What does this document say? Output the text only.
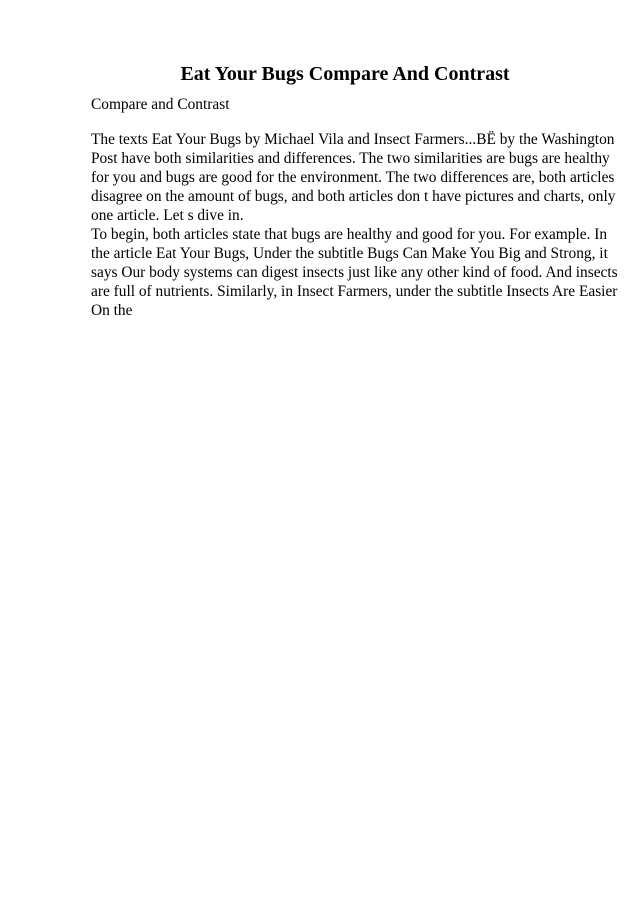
Eat Your Bugs Compare And Contrast

Compare and Contrast

The texts Eat Your Bugs by Michael Vila and Insect Farmers...BË by the Washington
Post have both similarities and differences. The two similarities are bugs are healthy
for you and bugs are good for the environment. The two differences are, both articles
disagree on the amount of bugs, and both articles don t have pictures and charts, only
one article. Let s dive in.
To begin, both articles state that bugs are healthy and good for you. For example. In
the article Eat Your Bugs, Under the subtitle Bugs Can Make You Big and Strong, it
says Our body systems can digest insects just like any other kind of food. And insects
are full of nutrients. Similarly, in Insect Farmers, under the subtitle Insects Are Easier
On the
